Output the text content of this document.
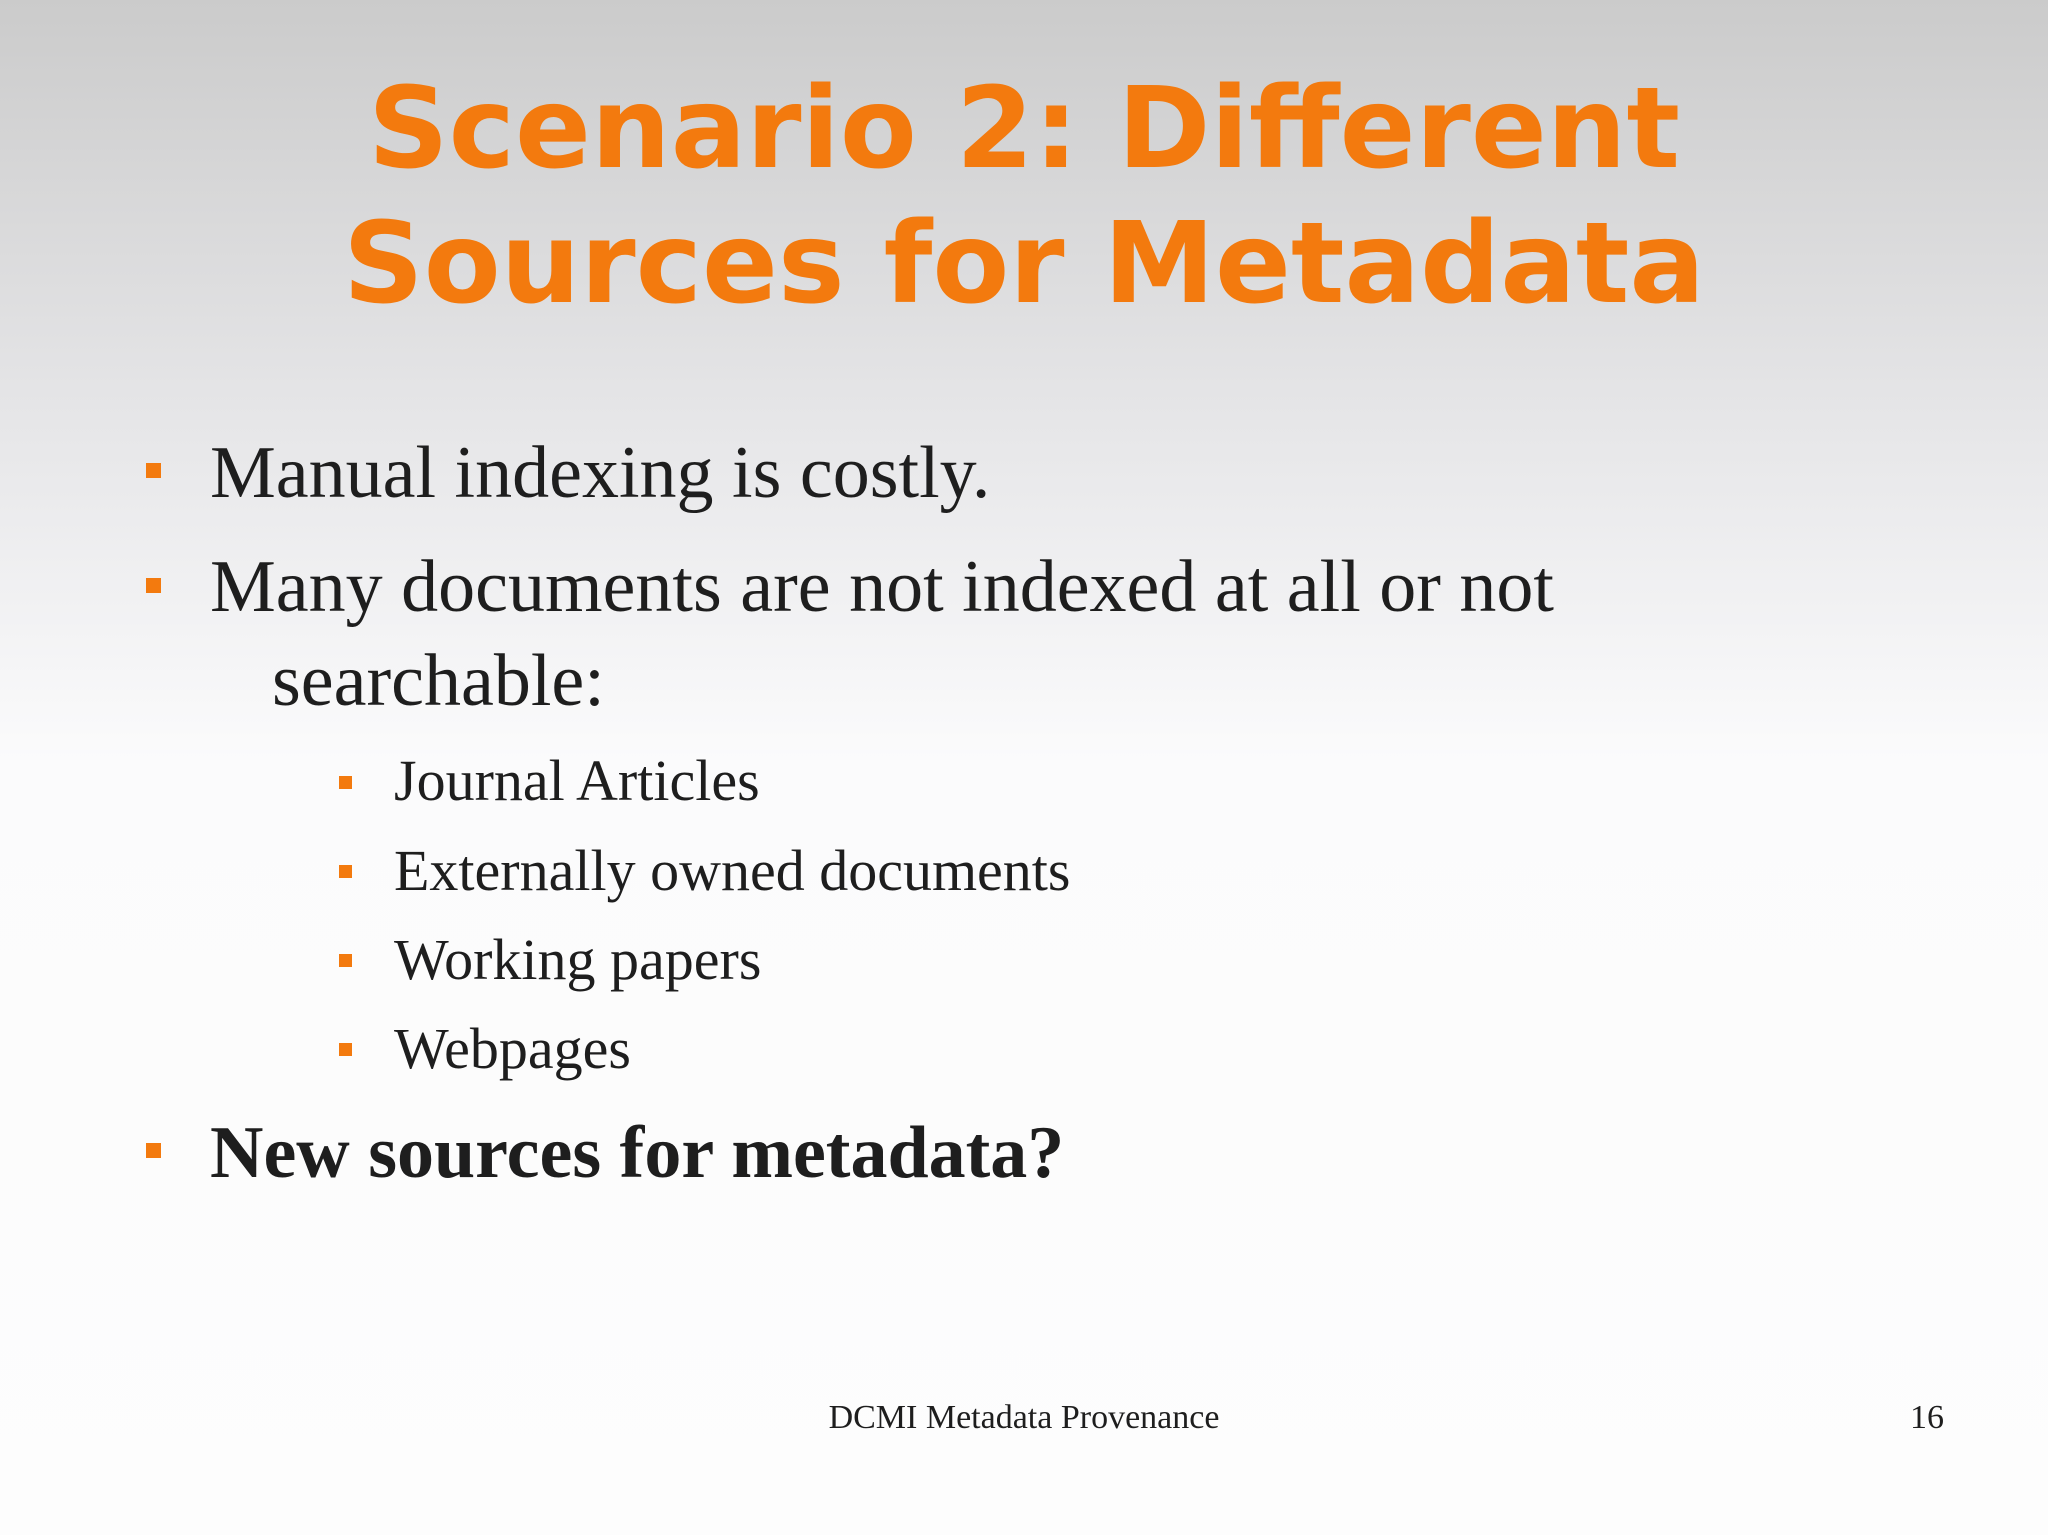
Scenario 2: Different
Sources for Metadata
Manual indexing is costly.
Many documents are not indexed at all or not
searchable:
Journal Articles
Externally owned documents
Working papers
Webpages
New sources for metadata?
DCMI Metadata Provenance	16
